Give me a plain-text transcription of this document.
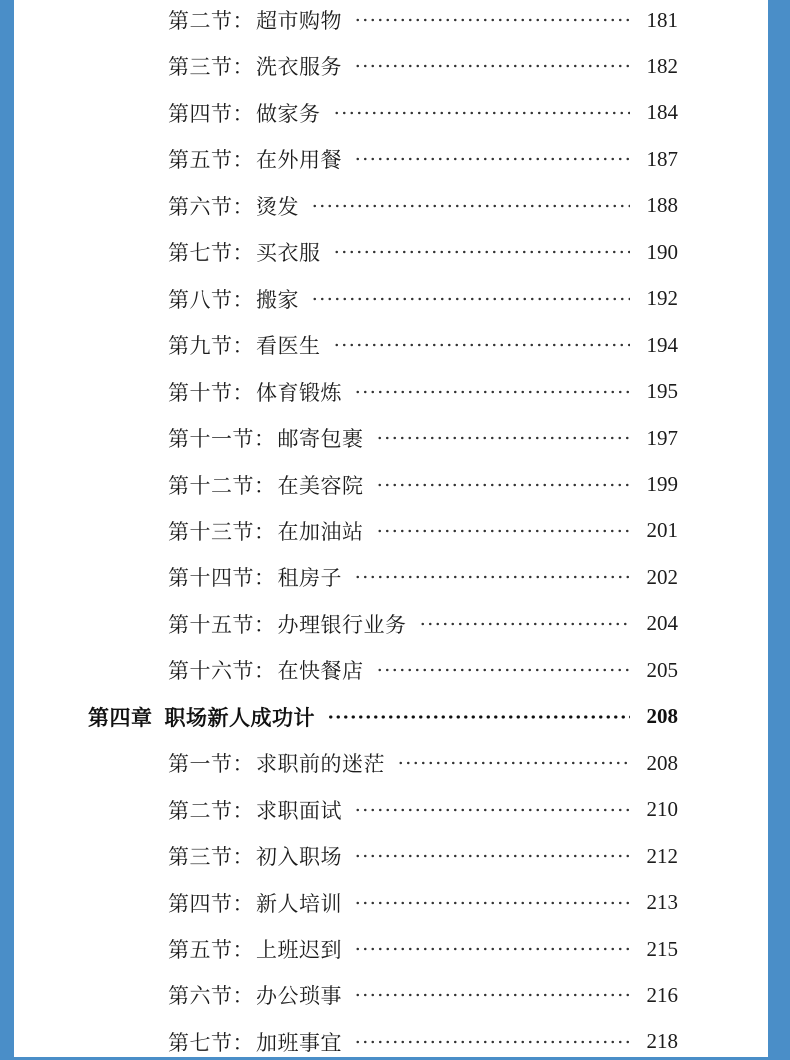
第二节：超市购物	181
第三节：洗衣服务	182
第四节：做家务	184
第五节：在外用餐	187
第六节：烫发	188
第七节：买衣服	190
第八节：搬家	192
第九节：看医生	194
第十节：体育锻炼	195
第十一节：邮寄包裹	197
第十二节：在美容院	199
第十三节：在加油站	201
第十四节：租房子	202
第十五节：办理银行业务	204
第十六节：在快餐店	205
第四章 职场新人成功计	208
第一节：求职前的迷茫	208
第二节：求职面试	210
第三节：初入职场	212
第四节：新人培训	213
第五节：上班迟到	215
第六节：办公琐事	216
第七节：加班事宜	218
